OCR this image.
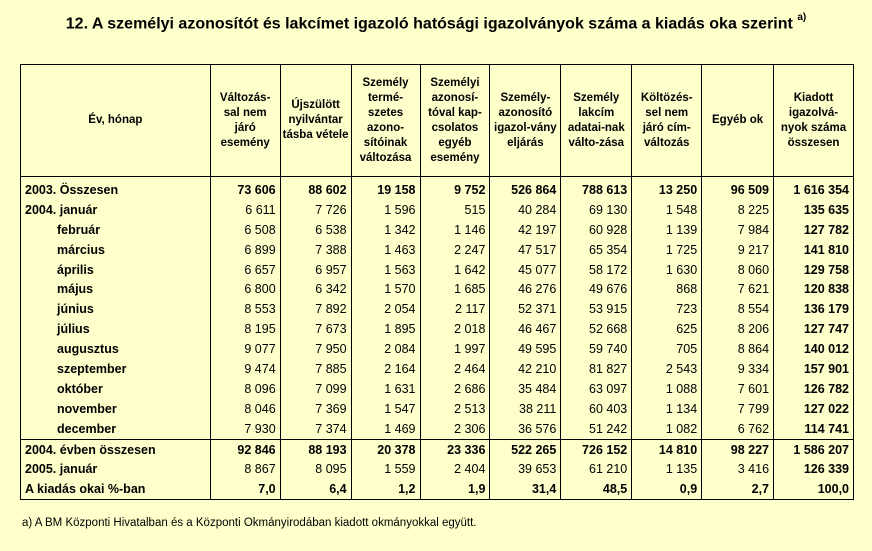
12. A személyi azonosítót és lakcímet igazoló hatósági igazolványok száma a kiadás oka szerint $^{a)}$
Év, hónap	Változás-sal nem járó esemény	Újszülött nyilvántar tásba vétele	Személy termé-szetes azono-sítóinak változása	Személyi azonosí-tóval kap-csolatos egyéb esemény	Személy-azonosító igazol-vány eljárás	Személy lakcím adatai-nak válto-zása	Költözés-sel nem járó cím-változás	Egyéb ok	Kiadott igazolvá-nyok száma összesen
2003. Összesen	73 606	88 602	19 158	9 752	526 864	788 613	13 250	96 509	1 616 354
2004. január	6 611	7 726	1 596	515	40 284	69 130	1 548	8 225	135 635
február	6 508	6 538	1 342	1 146	42 197	60 928	1 139	7 984	127 782
március	6 899	7 388	1 463	2 247	47 517	65 354	1 725	9 217	141 810
április	6 657	6 957	1 563	1 642	45 077	58 172	1 630	8 060	129 758
május	6 800	6 342	1 570	1 685	46 276	49 676	868	7 621	120 838
június	8 553	7 892	2 054	2 117	52 371	53 915	723	8 554	136 179
július	8 195	7 673	1 895	2 018	46 467	52 668	625	8 206	127 747
augusztus	9 077	7 950	2 084	1 997	49 595	59 740	705	8 864	140 012
szeptember	9 474	7 885	2 164	2 464	42 210	81 827	2 543	9 334	157 901
október	8 096	7 099	1 631	2 686	35 484	63 097	1 088	7 601	126 782
november	8 046	7 369	1 547	2 513	38 211	60 403	1 134	7 799	127 022
december	7 930	7 374	1 469	2 306	36 576	51 242	1 082	6 762	114 741
2004. évben összesen	92 846	88 193	20 378	23 336	522 265	726 152	14 810	98 227	1 586 207
2005. január	8 867	8 095	1 559	2 404	39 653	61 210	1 135	3 416	126 339
A kiadás okai %-ban	7,0	6,4	1,2	1,9	31,4	48,5	0,9	2,7	100,0
a) A BM Központi Hivatalban és a Központi Okmányirodában kiadott okmányokkal együtt.
